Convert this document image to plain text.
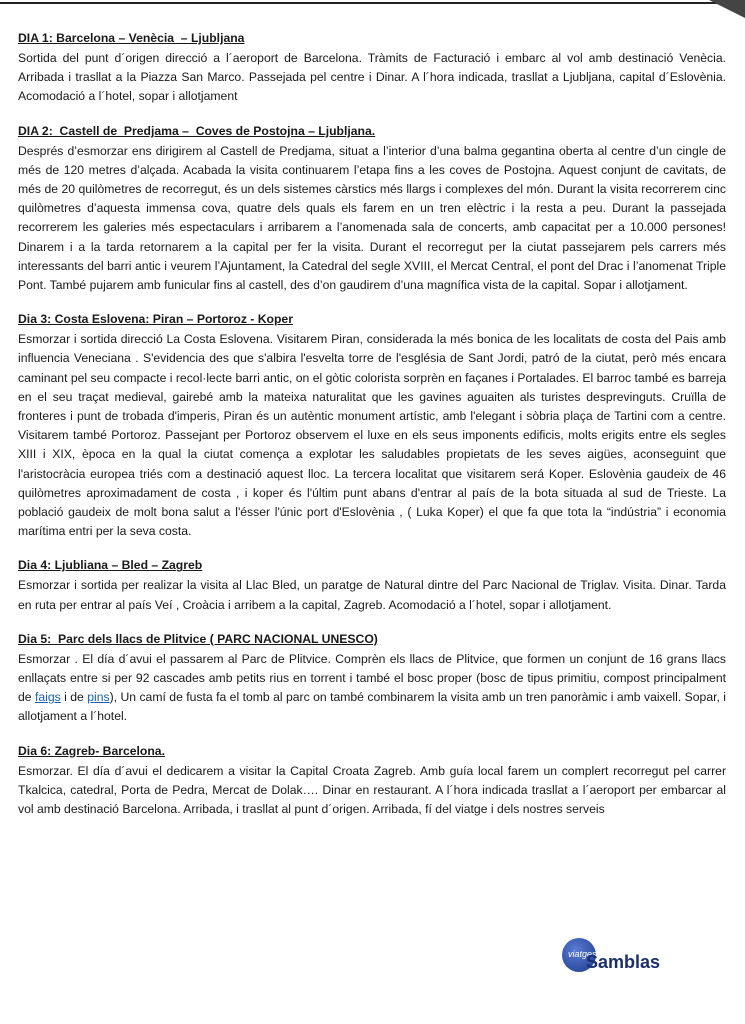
DIA 1: Barcelona – Venècia  – Ljubljana

Sortida del punt d´origen direcció a l´aeroport de Barcelona. Tràmits de Facturació i embarc al vol amb destinació Venècia. Arribada i trasllat a la Piazza San Marco. Passejada pel centre i Dinar. A l´hora indicada, trasllat a Ljubljana, capital d´Eslovènia. Acomodació a l´hotel, sopar i allotjament

DIA 2:  Castell de  Predjama –  Coves de Postojna – Ljubljana.

Després d’esmorzar ens dirigirem al Castell de Predjama, situat a l’interior d’una balma gegantina oberta al centre d’un cingle de més de 120 metres d’alçada. Acabada la visita continuarem l’etapa fins a les coves de Postojna. Aquest conjunt de cavitats, de més de 20 quilòmetres de recorregut, és un dels sistemes càrstics més llargs i complexes del món. Durant la visita recorrerem cinc quilòmetres d’aquesta immensa cova, quatre dels quals els farem en un tren elèctric i la resta a peu. Durant la passejada recorrerem les galeries més espectaculars i arribarem a l’anomenada sala de concerts, amb capacitat per a 10.000 persones! Dinarem i a la tarda retornarem a la capital per fer la visita. Durant el recorregut per la ciutat passejarem pels carrers més interessants del barri antic i veurem l’Ajuntament, la Catedral del segle XVIII, el Mercat Central, el pont del Drac i l’anomenat Triple Pont. També pujarem amb funicular fins al castell, des d’on gaudirem d’una magnífica vista de la capital. Sopar i allotjament.

Dia 3: Costa Eslovena: Piran – Portoroz - Koper

Esmorzar i sortida direcció La Costa Eslovena. Visitarem Piran, considerada la més bonica de les localitats de costa del Pais amb influencia Veneciana . S'evidencia des que s'albira l'esvelta torre de l'església de Sant Jordi, patró de la ciutat, però més encara caminant pel seu compacte i recol·lecte barri antic, on el gòtic colorista sorprèn en façanes i Portalades. El barroc també es barreja en el seu traçat medieval, gairebé amb la mateixa naturalitat que les gavines aguaiten als turistes desprevinguts. Cruïlla de fronteres i punt de trobada d'imperis, Piran és un autèntic monument artístic, amb l'elegant i sòbria plaça de Tartini com a centre. Visitarem també Portoroz. Passejant per Portoroz observem el luxe en els seus imponents edificis, molts erigits entre els segles XIII i XIX, època en la qual la ciutat comença a explotar les saludables propietats de les seves aigües, aconseguint que l'aristocràcia europea triés com a destinació aquest lloc. La tercera localitat que visitarem será Koper. Eslovènia gaudeix de 46 quilòmetres aproximadament de costa , i koper és l'últim punt abans d'entrar al país de la bota situada al sud de Trieste. La població gaudeix de molt bona salut a l'ésser l'únic port d'Eslovènia , ( Luka Koper) el que fa que tota la “indústria” i economia marítima entri per la seva costa.

Dia 4: Ljubliana – Bled – Zagreb

Esmorzar i sortida per realizar la visita al Llac Bled, un paratge de Natural dintre del Parc Nacional de Triglav. Visita. Dinar. Tarda en ruta per entrar al país Veí , Croàcia i arribem a la capital, Zagreb. Acomodació a l´hotel, sopar i allotjament.

Dia 5:  Parc dels llacs de Plitvice ( PARC NACIONAL UNESCO)

Esmorzar . El día d´avui el passarem al Parc de Plitvice. Comprèn els llacs de Plitvice, que formen un conjunt de 16 grans llacs enllaçats entre si per 92 cascades amb petits rius en torrent i també el bosc proper (bosc de tipus primitiu, compost principalment de faigs i de pins), Un camí de fusta fa el tomb al parc on també combinarem la visita amb un tren panoràmic i amb vaixell. Sopar, i allotjament a l´hotel.

Dia 6: Zagreb- Barcelona.

Esmorzar. El día d´avui el dedicarem a visitar la Capital Croata Zagreb. Amb guía local farem un complert recorregut pel carrer Tkalcica, catedral, Porta de Pedra, Mercat de Dolak…. Dinar en restaurant. A l´hora indicada trasllat a l´aeroport per embarcar al vol amb destinació Barcelona. Arribada, i trasllat al punt d´origen. Arribada, fí del viatge i dels nostres serveis

viatges
Samblas
